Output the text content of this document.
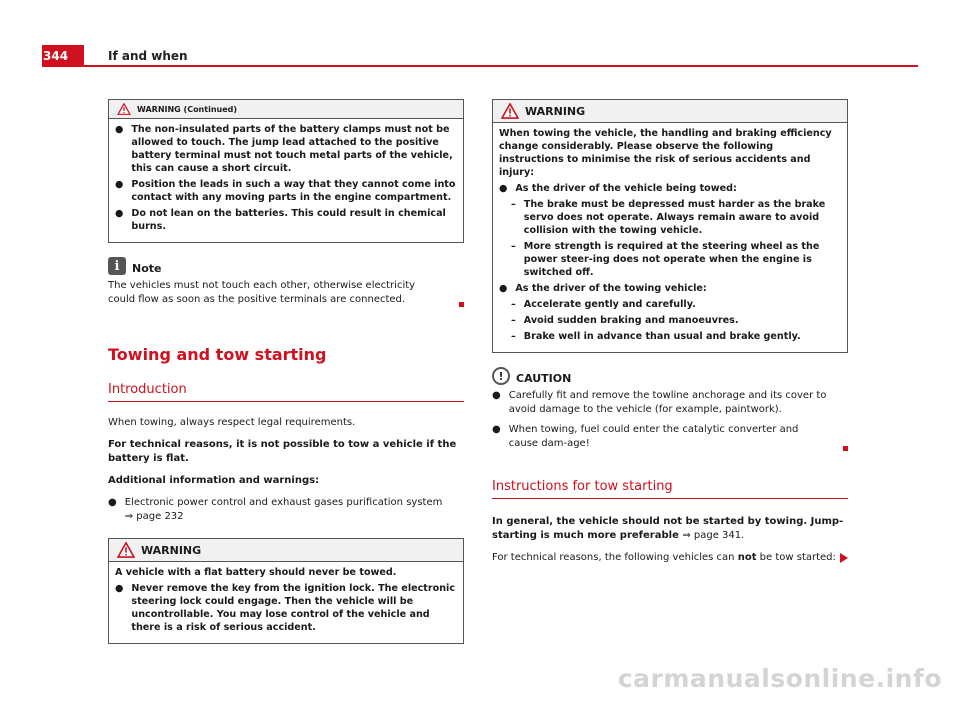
344	If and when
WARNING (Continued)
● The non-insulated parts of the battery clamps must not be allowed to touch. The jump lead attached to the positive battery terminal must not touch metal parts of the vehicle, this can cause a short circuit.
● Position the leads in such a way that they cannot come into contact with any moving parts in the engine compartment.
● Do not lean on the batteries. This could result in chemical burns.
i	Note

The vehicles must not touch each other, otherwise electricity could flow as soon as the positive terminals are connected.

Towing and tow starting
Introduction

When towing, always respect legal requirements.

For technical reasons, it is not possible to tow a vehicle if the battery is flat.

Additional information and warnings:

● Electronic power control and exhaust gases purification system
⇒ page 232

WARNING

A vehicle with a flat battery should never be towed.

● Never remove the key from the ignition lock. The electronic steering lock could engage. Then the vehicle will be uncontrollable. You may lose control of the vehicle and there is a risk of serious accident.
WARNING

When towing the vehicle, the handling and braking efficiency change considerably. Please observe the following instructions to minimise the risk of serious accidents and injury:

● As the driver of the vehicle being towed:
– The brake must be depressed must harder as the brake servo does not operate. Always remain aware to avoid collision with the towing vehicle.
– More strength is required at the steering wheel as the power steer-ing does not operate when the engine is switched off.
● As the driver of the towing vehicle:
– Accelerate gently and carefully.
– Avoid sudden braking and manoeuvres.
– Brake well in advance than usual and brake gently.
!	CAUTION
● Carefully fit and remove the towline anchorage and its cover to avoid damage to the vehicle (for example, paintwork).

● When towing, fuel could enter the catalytic converter and cause dam-age!

Instructions for tow starting

In general, the vehicle should not be started by towing. Jump-starting is much more preferable ⇒ page 341.

For technical reasons, the following vehicles can not be tow started:

carmanualsonline.info
